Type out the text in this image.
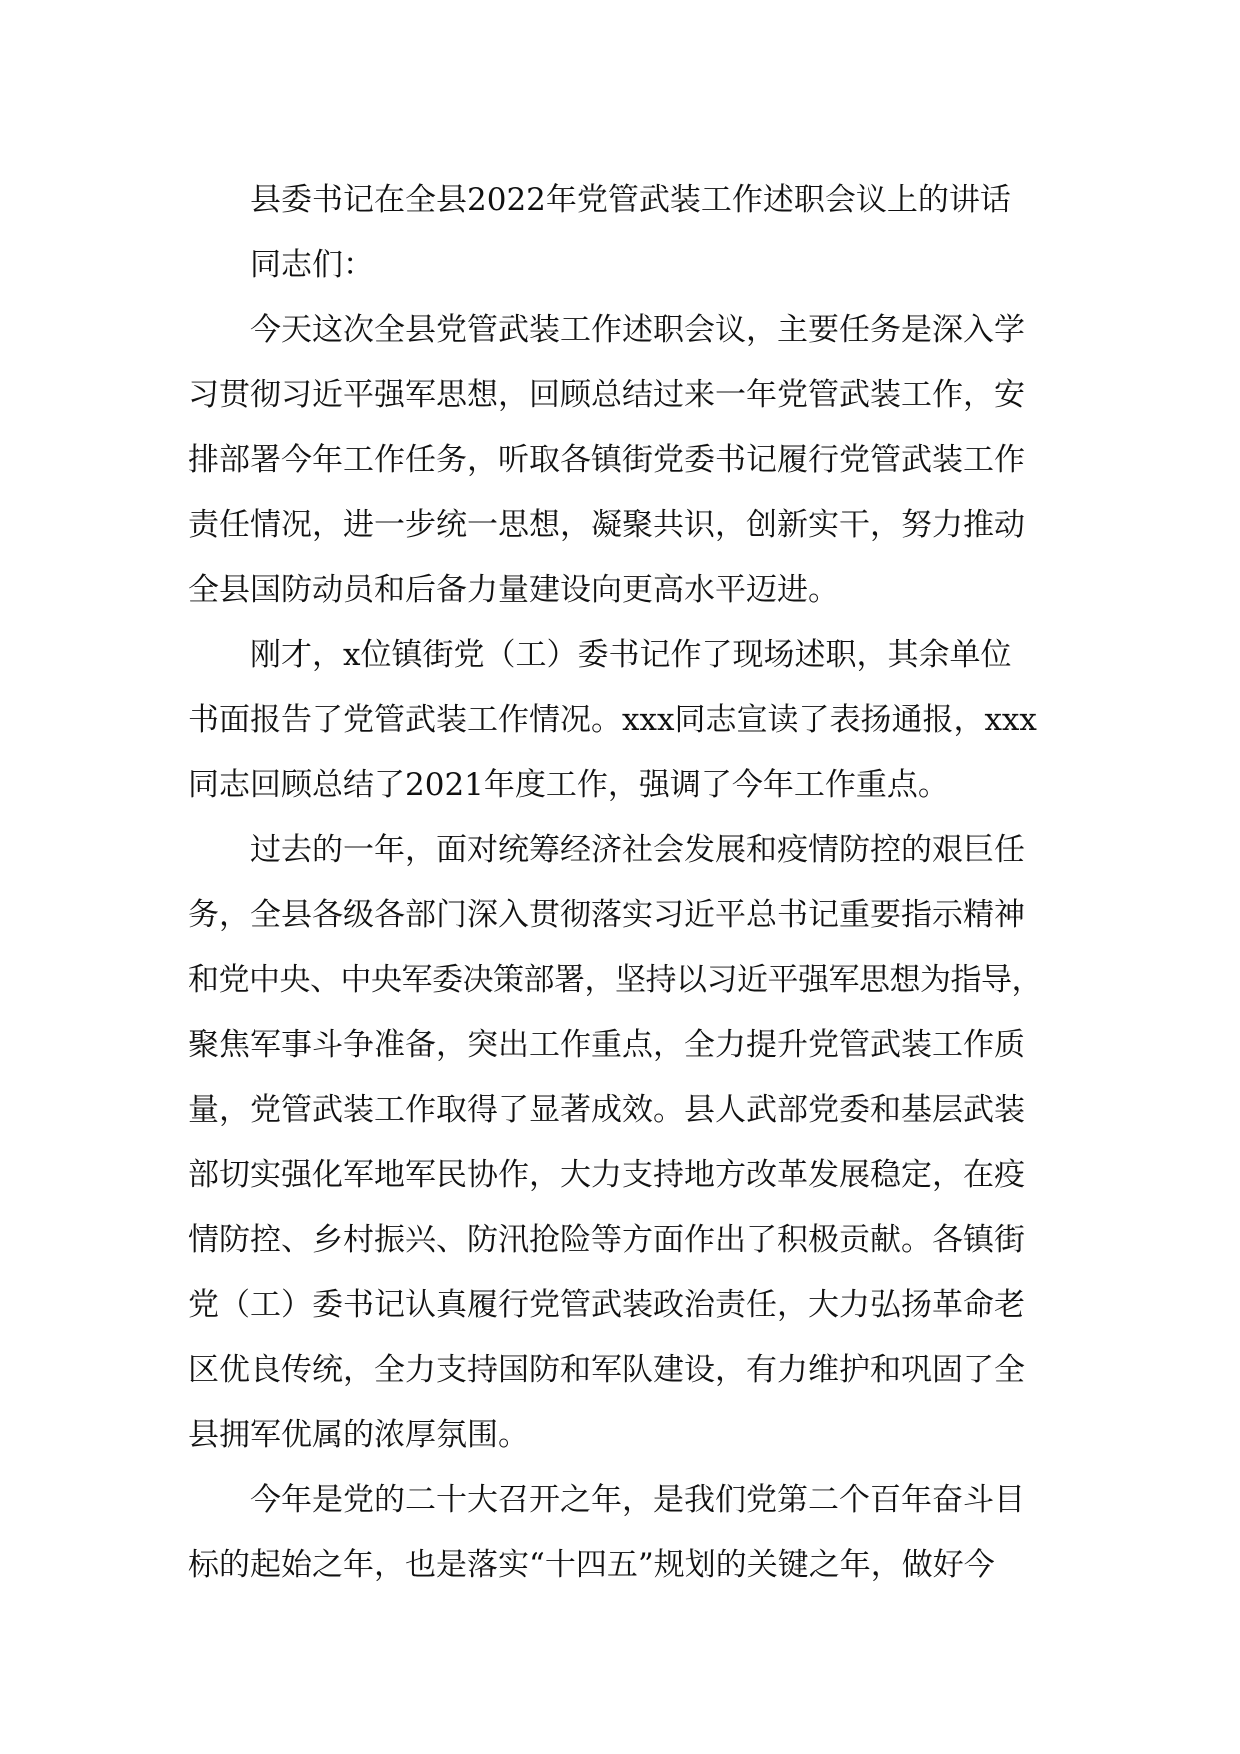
县委书记在全县2022年党管武装工作述职会议上的讲话
同志们：
今天这次全县党管武装工作述职会议，主要任务是深入学
习贯彻习近平强军思想，回顾总结过来一年党管武装工作，安
排部署今年工作任务，听取各镇街党委书记履行党管武装工作
责任情况，进一步统一思想，凝聚共识，创新实干，努力推动
全县国防动员和后备力量建设向更高水平迈进。
刚才，x位镇街党（工）委书记作了现场述职，其余单位
书面报告了党管武装工作情况。xxx同志宣读了表扬通报，xxx
同志回顾总结了2021年度工作，强调了今年工作重点。
过去的一年，面对统筹经济社会发展和疫情防控的艰巨任
务，全县各级各部门深入贯彻落实习近平总书记重要指示精神
和党中央、中央军委决策部署，坚持以习近平强军思想为指导，
聚焦军事斗争准备，突出工作重点，全力提升党管武装工作质
量，党管武装工作取得了显著成效。县人武部党委和基层武装
部切实强化军地军民协作，大力支持地方改革发展稳定，在疫
情防控、乡村振兴、防汛抢险等方面作出了积极贡献。各镇街
党（工）委书记认真履行党管武装政治责任，大力弘扬革命老
区优良传统，全力支持国防和军队建设，有力维护和巩固了全
县拥军优属的浓厚氛围。
今年是党的二十大召开之年，是我们党第二个百年奋斗目
标的起始之年，也是落实“十四五”规划的关键之年，做好今
